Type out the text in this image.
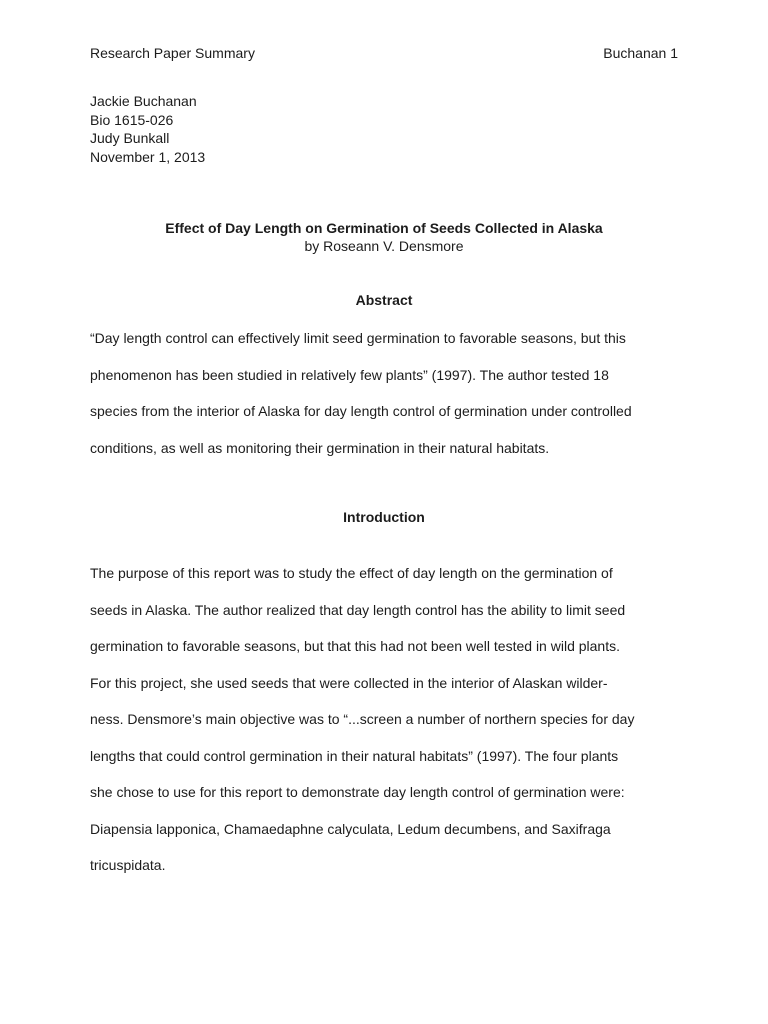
Research Paper Summary	Buchanan 1
Jackie Buchanan
Bio 1615-026
Judy Bunkall
November 1, 2013
Effect of Day Length on Germination of Seeds Collected in Alaska
by Roseann V. Densmore
Abstract
“Day length control can effectively limit seed germination to favorable seasons, but this
phenomenon has been studied in relatively few plants” (1997). The author tested 18
species from the interior of Alaska for day length control of germination under controlled
conditions, as well as monitoring their germination in their natural habitats.
Introduction
The purpose of this report was to study the effect of day length on the germination of
seeds in Alaska. The author realized that day length control has the ability to limit seed
germination to favorable seasons, but that this had not been well tested in wild plants.
For this project, she used seeds that were collected in the interior of Alaskan wilder-
ness. Densmore’s main objective was to “...screen a number of northern species for day
lengths that could control germination in their natural habitats” (1997). The four plants
she chose to use for this report to demonstrate day length control of germination were:
Diapensia lapponica, Chamaedaphne calyculata, Ledum decumbens, and Saxifraga
tricuspidata.
